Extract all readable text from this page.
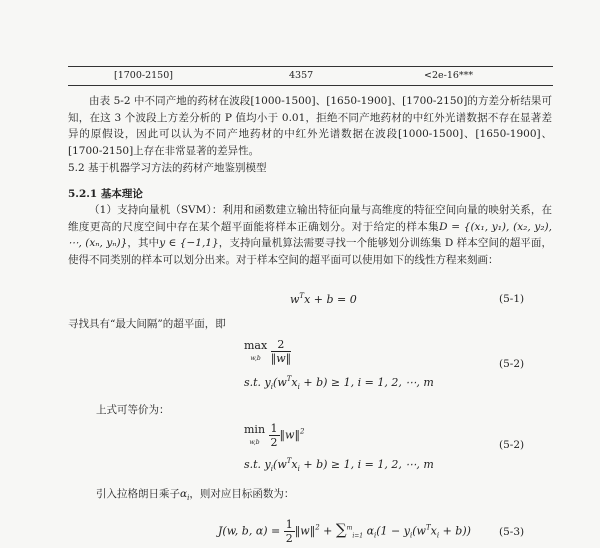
[1700-2150]	4357	<2e-16***

由表 5-2 中不同产地的药材在波段[1000-1500]、[1650-1900]、[1700-2150]的方差分析结果可知，在这 3 个波段上方差分析的 P 值均小于 0.01，拒绝不同产地药材的中红外光谱数据不存在显著差异的原假设，因此可以认为不同产地药材的中红外光谱数据在波段[1000-1500]、[1650-1900]、[1700-2150]上存在非常显著的差异性。

5.2 基于机器学习方法的药材产地鉴别模型

5.2.1 基本理论

（1）支持向量机（SVM）：利用和函数建立输出特征向量与高维度的特征空间向量的映射关系，在维度更高的尺度空间中存在某个超平面能将样本正确划分。对于给定的样本集D = {(x₁, y₁), (x₂, y₂), ⋯, (xₙ, yₙ)}，其中y ∈ {−1,1}，支持向量机算法需要寻找一个能够划分训练集 D 样本空间的超平面，使得不同类别的样本可以划分出来。对于样本空间的超平面可以使用如下的线性方程来刻画：

$w^Tx + b = 0$	(5-1)

寻找具有“最大间隔”的超平面，即

max
$w,b \frac{2}{‖w‖}$
s.t. $y_i(w^Tx_i + b) \ge 1$, i = 1, 2, ⋯, m
(5-2)

上式可等价为：

min
$w,b \frac{1}{2}$ ‖w‖$^2$
s.t. $y_i(w^Tx_i + b) \ge 1$, i = 1, 2, ⋯, m
(5-2)

引入拉格朗日乘子$\alpha_i$，则对应目标函数为：

J(w, b, $\alpha) = \frac{1}{2}$ ‖w‖$^2$ + ∑$^m_{i=1}$ $\alpha_i(1 - y_i(w^Tx_i + b))$	(5-3)
